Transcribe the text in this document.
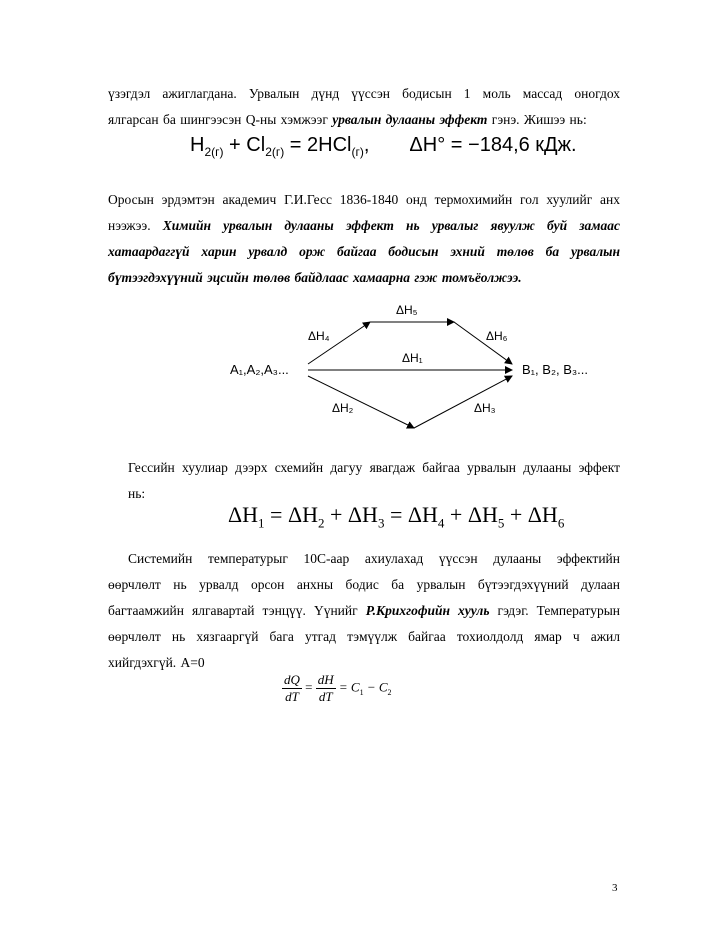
үзэгдэл ажиглагдана. Урвалын дүнд үүссэн бодисын 1 моль массад оногдох
ялгарсан ба шингээсэн Q-ны хэмжээг урвалын дулааны эффект гэнэ. Жишээ нь:
$H_{2(г)} + Cl_{2(г)} = 2HCl_{(г)}$, ΔH° = −184,6 кДж.
Оросын эрдэмтэн академич Г.И.Гесс 1836-1840 онд термохимийн гол хуулийг анх
нээжээ. Химийн урвалын дулааны эффект нь урвалыг явуулж буй замаас
хатаардаггүй харин урвалд орж байгаа бодисын эхний төлөв ба урвалын
бүтээгдэхүүний эцсийн төлөв байдлаас хамаарна гэж томъёолжээ.
A₁,A₂,A₃...	B₁, B₂, B₃...
ΔH₁
ΔH₂	ΔH₃
ΔH₄
ΔH₅
ΔH₆
Гессийн хуулиар дээрх схемийн дагуу явагдаж байгаа урвалын дулааны эффект
нь:
$\Delta H_1 = \Delta H_2 + \Delta H_3 = \Delta H_4 + \Delta H_5 + \Delta H_6$
Системийн температурыг 10С-аар ахиулахад үүссэн дулааны эффектийн
өөрчлөлт нь урвалд орсон анхны бодис ба урвалын бүтээгдэхүүний дулаан
багтаамжийн ялгавартай тэнцүү. Үүнийг Р.Крихгофийн хууль гэдэг. Температурын
өөрчлөлт нь хязгааргүй бага утгад тэмүүлж байгаа тохиолдолд ямар ч ажил
хийгдэхгүй. А=0
$\frac{dQ}{dT} = \frac{dH}{dT} = C_1 - C_2$
3
